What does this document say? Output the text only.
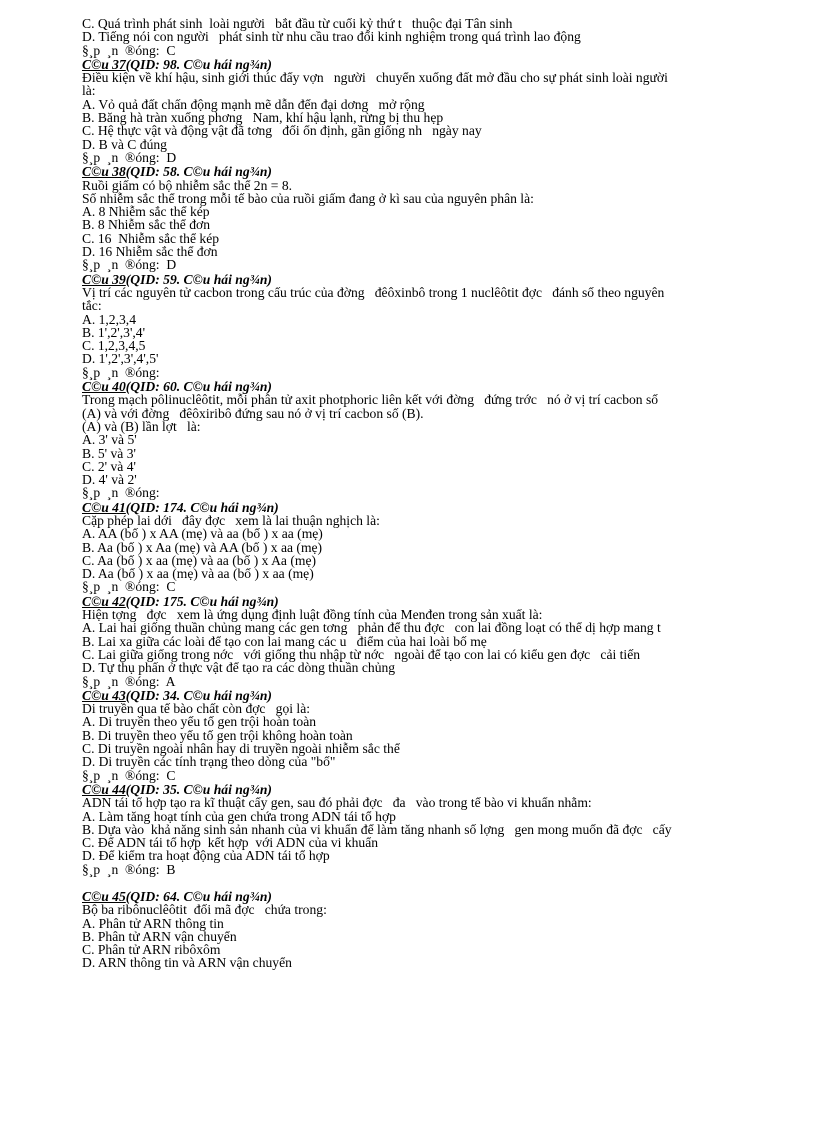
C. Quá trình phát sinh  loài người   bắt đầu từ cuối kỷ thứ t   thuộc đại Tân sinh
D. Tiếng nói con người   phát sinh từ nhu cầu trao đổi kinh nghiệm trong quá trình lao động
§¸p  ¸n  ®óng:  C
C©u 37(QID: 98. C©u hái ng¾n)
Điều kiện về khí hậu, sinh giới thúc đẩy vợn   người   chuyển xuống đất mở đầu cho sự phát sinh loài người
là:
A. Vỏ quả đất chấn động mạnh mẽ dẫn đến đại dơng   mở rộng
B. Băng hà tràn xuống phơng   Nam, khí hậu lạnh, rừng bị thu hẹp
C. Hệ thực vật và động vật đã tơng   đối ổn định, gần giống nh   ngày nay
D. B và C đúng
§¸p  ¸n  ®óng:  D
C©u 38(QID: 58. C©u hái ng¾n)
Ruồi giấm có bộ nhiễm sắc thể 2n = 8.
Số nhiễm sắc thể trong mỗi tế bào của ruồi giấm đang ở kì sau của nguyên phân là:
A. 8 Nhiễm sắc thể kép
B. 8 Nhiễm sắc thể đơn
C. 16  Nhiễm sắc thể kép
D. 16 Nhiễm sắc thể đơn
§¸p  ¸n  ®óng:  D
C©u 39(QID: 59. C©u hái ng¾n)
Vị trí các nguyên tử cacbon trong cấu trúc của đờng   đêôxinbô trong 1 nuclêôtit đợc   đánh số theo nguyên
tắc:
A. 1,2,3,4
B. 1',2',3',4'
C. 1,2,3,4,5
D. 1',2',3',4',5'
§¸p  ¸n  ®óng:
C©u 40(QID: 60. C©u hái ng¾n)
Trong mạch pôlinuclêôtit, mỗi phân tử axit photphoric liên kết với đờng   đứng trớc   nó ở vị trí cacbon số
(A) và với đờng   đêôxiribô đứng sau nó ở vị trí cacbon số (B).
(A) và (B) lần lợt   là:
A. 3' và 5'
B. 5' và 3'
C. 2' và 4'
D. 4' và 2'
§¸p  ¸n  ®óng:
C©u 41(QID: 174. C©u hái ng¾n)
Cặp phép lai dới   đây đợc   xem là lai thuận nghịch là:
A. AA (bố ) x AA (mẹ) và aa (bố ) x aa (mẹ)
B. Aa (bố ) x Aa (mẹ) và AA (bố ) x aa (mẹ)
C. Aa (bố ) x aa (mẹ) và aa (bố ) x Aa (mẹ)
D. Aa (bố ) x aa (mẹ) và aa (bố ) x aa (mẹ)
§¸p  ¸n  ®óng:  C
C©u 42(QID: 175. C©u hái ng¾n)
Hiện tợng   đợc   xem là ứng dụng định luật đồng tính của Menđen trong sản xuất là:
A. Lai hai giống thuần chủng mang các gen tơng   phản để thu đợc   con lai đồng loạt có thể dị hợp mang t
B. Lai xa giữa các loài để tạo con lai mang các u   điểm của hai loài bố mẹ
C. Lai giữa giống trong nớc   với giống thu nhập từ nớc   ngoài để tạo con lai có kiểu gen đợc   cải tiến
D. Tự thụ phấn ở thực vật để tạo ra các dòng thuần chủng
§¸p  ¸n  ®óng:  A
C©u 43(QID: 34. C©u hái ng¾n)
Di truyền qua tế bào chất còn đợc   gọi là:
A. Di truyền theo yếu tố gen trội hoàn toàn
B. Di truyền theo yếu tố gen trội không hoàn toàn
C. Di truyền ngoài nhân hay di truyền ngoài nhiễm sắc thể
D. Di truyền các tính trạng theo dòng của "bố"
§¸p  ¸n  ®óng:  C
C©u 44(QID: 35. C©u hái ng¾n)
ADN tái tổ hợp tạo ra kĩ thuật cấy gen, sau đó phải đợc   đa   vào trong tế bào vi khuẩn nhằm:
A. Làm tăng hoạt tính của gen chứa trong ADN tái tổ hợp
B. Dựa vào  khả năng sinh sản nhanh của vi khuẩn để làm tăng nhanh số lợng   gen mong muốn đã đợc   cấy
C. Để ADN tái tổ hợp  kết hợp  với ADN của vi khuẩn
D. Để kiểm tra hoạt động của ADN tái tổ hợp
§¸p  ¸n  ®óng:  B
C©u 45(QID: 64. C©u hái ng¾n)
Bộ ba ribônuclêôtit  đối mã đợc   chứa trong:
A. Phân tử ARN thông tin
B. Phân tử ARN vận chuyển
C. Phân tử ARN ribôxôm
D. ARN thông tin và ARN vận chuyển
